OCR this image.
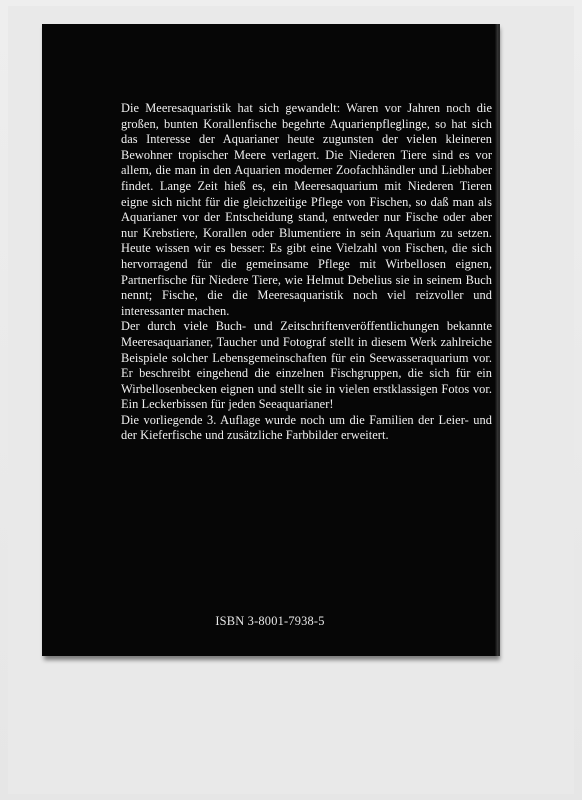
Die Meeresaquaristik hat sich gewandelt: Waren vor Jahren noch die großen, bunten Korallenfische begehrte Aquarienpfleglinge, so hat sich das Interesse der Aquarianer heute zugunsten der vielen kleineren Bewohner tropischer Meere verlagert. Die Niederen Tiere sind es vor allem, die man in den Aquarien moderner Zoofachhändler und Liebhaber findet. Lange Zeit hieß es, ein Meeresaquarium mit Niederen Tieren eigne sich nicht für die gleichzeitige Pflege von Fischen, so daß man als Aquarianer vor der Entscheidung stand, entweder nur Fische oder aber nur Krebstiere, Korallen oder Blumentiere in sein Aquarium zu setzen. Heute wissen wir es besser: Es gibt eine Vielzahl von Fischen, die sich hervorragend für die gemeinsame Pflege mit Wirbellosen eignen, Partnerfische für Niedere Tiere, wie Helmut Debelius sie in seinem Buch nennt; Fische, die die Meeresaquaristik noch viel reizvoller und interessanter machen.

Der durch viele Buch- und Zeitschriftenveröffentlichungen bekannte Meeresaquarianer, Taucher und Fotograf stellt in diesem Werk zahlreiche Beispiele solcher Lebensgemeinschaften für ein Seewasseraquarium vor. Er beschreibt eingehend die einzelnen Fischgruppen, die sich für ein Wirbellosenbecken eignen und stellt sie in vielen erstklassigen Fotos vor. Ein Leckerbissen für jeden Seeaquarianer!

Die vorliegende 3. Auflage wurde noch um die Familien der Leier- und der Kieferfische und zusätzliche Farbbilder erweitert.

ISBN 3-8001-7938-5
